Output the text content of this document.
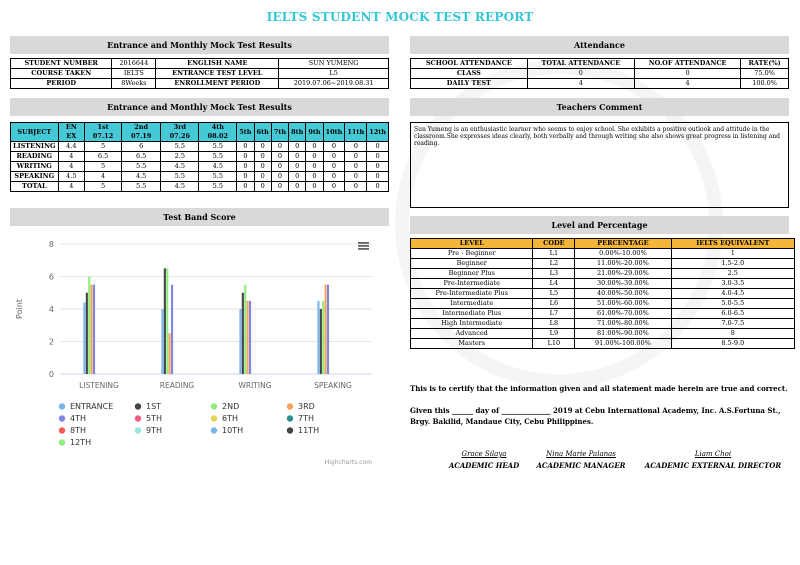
IELTS STUDENT MOCK TEST REPORT
Entrance and Monthly Mock Test Results
STUDENT NUMBER	2016644	ENGLISH NAME	SUN YUMENG
COURSE TAKEN	IELTS	ENTRANCE TEST LEVEL	L5
PERIOD	8Weeks	ENROLLMENT PERIOD	2019.07.06~2019.08.31
Attendance
SCHOOL ATTENDANCE	TOTAL ATTENDANCE	NO.OF ATTENDANCE	RATE(%)
CLASS	0	0	75.0%
DAILY TEST	4	4	100.0%
Entrance and Monthly Mock Test Results
SUBJECT	EN EX	1st 07.12	2nd 07.19	3rd 07.26	4th 08.02	5th	6th	7th	8th	9th	10th	11th	12th
LISTENING	4.4	5	6	5.5	5.5	0	0	0	0	0	0	0	0
READING	4	6.5	6.5	2.5	5.5	0	0	0	0	0	0	0	0
WRITING	4	5	5.5	4.5	4.5	0	0	0	0	0	0	0	0
SPEAKING	4.5	4	4.5	5.5	5.5	0	0	0	0	0	0	0	0
TOTAL	4	5	5.5	4.5	5.5	0	0	0	0	0	0	0	0
Teachers Comment
Sun Yumeng is an enthusiastic learner who seems to enjoy school. She exhibits a positive outlook and attitude in the classroom.She expresses ideas clearly, both verbally and through writing she also shows great progress in listening and reading.
Test Band Score
0
2
4
6
8
Point
LISTENING	READING	WRITING	SPEAKING
ENTRANCE	1ST	2ND	3RD
4TH	5TH	6TH	7TH
8TH	9TH	10TH	11TH
12TH
Highcharts.com
Level and Percentage
LEVEL	CODE	PERCENTAGE	IELTS EQUIVALENT
Pre - Beginner	L1	0.00%-10.00%	1
Beginner	L2	11.00%-20.00%	1.5-2.0
Beginner Plus	L3	21.00%-29.00%	2.5
Pre-Intermediate	L4	30.00%-39.00%	3.0-3.5
Pre-Intermediate Plus	L5	40.00%-50.00%	4.0-4.5
Intermediate	L6	51.00%-60.00%	5.0-5.5
Intermediate Plus	L7	61.00%-70.00%	6.0-6.5
High Intermediate	L8	71.00%-80.00%	7.0-7.5
Advanced	L9	81.00%-90.00%	8
Masters	L10	91.00%-100.00%	8.5-9.0
This is to certify that the information given and all statement made herein are true and correct.
Given this ______ day of ______________ 2019 at Cebu International Academy, Inc. A.S.Fortuna St.,
Brgy. Bakilid, Mandaue City, Cebu Philippines.
Grace Silaya
ACADEMIC HEAD
Nina Marie Palanas
ACADEMIC MANAGER
Liam Choi
ACADEMIC EXTERNAL DIRECTOR
